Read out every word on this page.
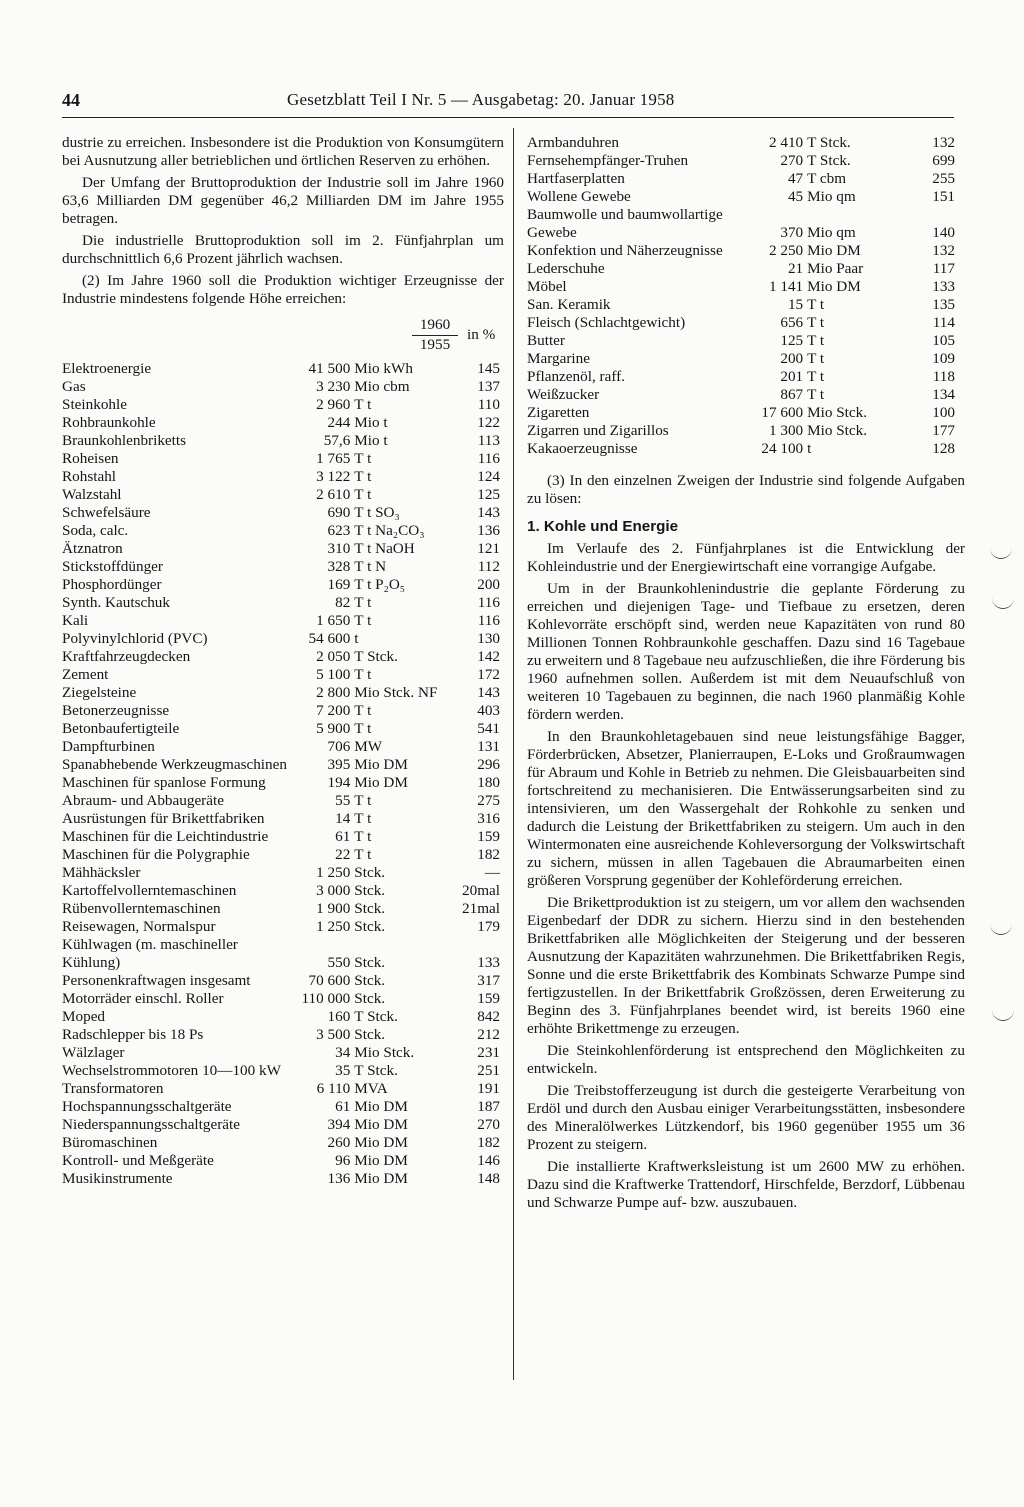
44	Gesetzblatt Teil I Nr. 5 — Ausgabetag: 20. Januar 1958

dustrie zu erreichen. Insbesondere ist die Produktion von Konsumgütern bei Ausnutzung aller betrieblichen und örtlichen Reserven zu erhöhen.

Der Umfang der Bruttoproduktion der Industrie soll im Jahre 1960 63,6 Milliarden DM gegenüber 46,2 Milliarden DM im Jahre 1955 betragen.

Die industrielle Bruttoproduktion soll im 2. Fünfjahrplan um durchschnittlich 6,6 Prozent jährlich wachsen.

(2) Im Jahre 1960 soll die Produktion wichtiger Erzeugnisse der Industrie mindestens folgende Höhe erreichen:

$\frac{1960}{1955}$ in %
Elektroenergie	41 500	Mio kWh	145
Gas	3 230	Mio cbm	137
Steinkohle	2 960	T t	110
Rohbraunkohle	244	Mio t	122
Braunkohlenbriketts	57,6	Mio t	113
Roheisen	1 765	T t	116
Rohstahl	3 122	T t	124
Walzstahl	2 610	T t	125
Schwefelsäure	690	T t SO₃	143
Soda, calc.	623	T t Na₂CO₃	136
Ätznatron	310	T t NaOH	121
Stickstoffdünger	328	T t N	112
Phosphordünger	169	T t P₂O₅	200
Synth. Kautschuk	82	T t	116
Kali	1 650	T t	116
Polyvinylchlorid (PVC)	54 600	t	130
Kraftfahrzeugdecken	2 050	T Stck.	142
Zement	5 100	T t	172
Ziegelsteine	2 800	Mio Stck. NF	143
Betonerzeugnisse	7 200	T t	403
Betonbaufertigteile	5 900	T t	541
Dampfturbinen	706	MW	131
Spanabhebende Werkzeugmaschinen	395	Mio DM	296
Maschinen für spanlose Formung	194	Mio DM	180
Abraum- und Abbaugeräte	55	T t	275
Ausrüstungen für Brikettfabriken	14	T t	316
Maschinen für die Leichtindustrie	61	T t	159
Maschinen für die Polygraphie	22	T t	182
Mähhäcksler	1 250	Stck.	—
Kartoffelvollerntemaschinen	3 000	Stck.	20mal
Rübenvollerntemaschinen	1 900	Stck.	21mal
Reisewagen, Normalspur	1 250	Stck.	179
Kühlwagen (m. maschineller Kühlung)	550	Stck.	133
Personenkraftwagen insgesamt	70 600	Stck.	317
Motorräder einschl. Roller	110 000	Stck.	159
Moped	160	T Stck.	842
Radschlepper bis 18 Ps	3 500	Stck.	212
Wälzlager	34	Mio Stck.	231
Wechselstrommotoren 10—100 kW	35	T Stck.	251
Transformatoren	6 110	MVA	191
Hochspannungsschaltgeräte	61	Mio DM	187
Niederspannungsschaltgeräte	394	Mio DM	270
Büromaschinen	260	Mio DM	182
Kontroll- und Meßgeräte	96	Mio DM	146
Musikinstrumente	136	Mio DM	148
Armbanduhren	2 410	T Stck.	132
Fernsehempfänger-Truhen	270	T Stck.	699
Hartfaserplatten	47	T cbm	255
Wollene Gewebe	45	Mio qm	151
Baumwolle und baumwollartige Gewebe	370	Mio qm	140
Konfektion und Näherzeugnisse	2 250	Mio DM	132
Lederschuhe	21	Mio Paar	117
Möbel	1 141	Mio DM	133
San. Keramik	15	T t	135
Fleisch (Schlachtgewicht)	656	T t	114
Butter	125	T t	105
Margarine	200	T t	109
Pflanzenöl, raff.	201	T t	118
Weißzucker	867	T t	134
Zigaretten	17 600	Mio Stck.	100
Zigarren und Zigarillos	1 300	Mio Stck.	177
Kakaoerzeugnisse	24 100	t	128

(3) In den einzelnen Zweigen der Industrie sind folgende Aufgaben zu lösen:

1. Kohle und Energie

Im Verlaufe des 2. Fünfjahrplanes ist die Entwicklung der Kohleindustrie und der Energiewirtschaft eine vorrangige Aufgabe.

Um in der Braunkohlenindustrie die geplante Förderung zu erreichen und diejenigen Tage- und Tiefbaue zu ersetzen, deren Kohlevorräte erschöpft sind, werden neue Kapazitäten von rund 80 Millionen Tonnen Rohbraunkohle geschaffen. Dazu sind 16 Tagebaue zu erweitern und 8 Tagebaue neu aufzuschließen, die ihre Förderung bis 1960 aufnehmen sollen. Außerdem ist mit dem Neuaufschluß von weiteren 10 Tagebauen zu beginnen, die nach 1960 planmäßig Kohle fördern werden.

In den Braunkohletagebauen sind neue leistungsfähige Bagger, Förderbrücken, Absetzer, Planierraupen, E-Loks und Großraumwagen für Abraum und Kohle in Betrieb zu nehmen. Die Gleisbauarbeiten sind fortschreitend zu mechanisieren. Die Entwässerungsarbeiten sind zu intensivieren, um den Wassergehalt der Rohkohle zu senken und dadurch die Leistung der Brikettfabriken zu steigern. Um auch in den Wintermonaten eine ausreichende Kohleversorgung der Volkswirtschaft zu sichern, müssen in allen Tagebauen die Abraumarbeiten einen größeren Vorsprung gegenüber der Kohleförderung erreichen.

Die Brikettproduktion ist zu steigern, um vor allem den wachsenden Eigenbedarf der DDR zu sichern. Hierzu sind in den bestehenden Brikettfabriken alle Möglichkeiten der Steigerung und der besseren Ausnutzung der Kapazitäten wahrzunehmen. Die Brikettfabriken Regis, Sonne und die erste Brikettfabrik des Kombinats Schwarze Pumpe sind fertigzustellen. In der Brikettfabrik Großzössen, deren Erweiterung zu Beginn des 3. Fünfjahrplanes beendet wird, ist bereits 1960 eine erhöhte Brikettmenge zu erzeugen.

Die Steinkohlenförderung ist entsprechend den Möglichkeiten zu entwickeln.

Die Treibstofferzeugung ist durch die gesteigerte Verarbeitung von Erdöl und durch den Ausbau einiger Verarbeitungsstätten, insbesondere des Mineralölwerkes Lützkendorf, bis 1960 gegenüber 1955 um 36 Prozent zu steigern.

Die installierte Kraftwerksleistung ist um 2600 MW zu erhöhen. Dazu sind die Kraftwerke Trattendorf, Hirschfelde, Berzdorf, Lübbenau und Schwarze Pumpe auf- bzw. auszubauen.
